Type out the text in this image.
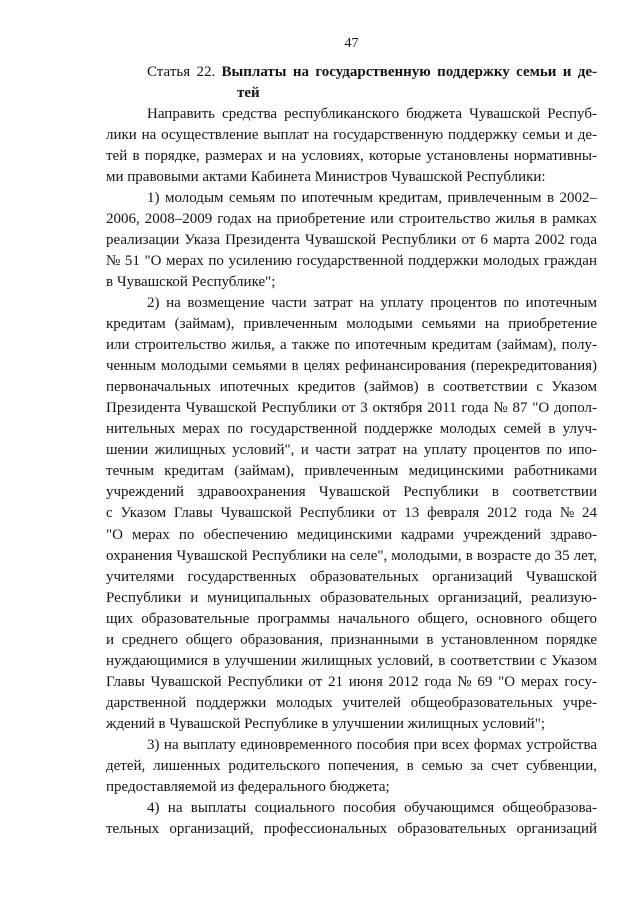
47
Статья 22. Выплаты на государственную поддержку семьи и де-
тей
Направить средства республиканского бюджета Чувашской Респуб-
лики на осуществление выплат на государственную поддержку семьи и де-
тей в порядке, размерах и на условиях, которые установлены нормативны-
ми правовыми актами Кабинета Министров Чувашской Республики:
1) молодым семьям по ипотечным кредитам, привлеченным в 2002–
2006, 2008–2009 годах на приобретение или строительство жилья в рамках
реализации Указа Президента Чувашской Республики от 6 марта 2002 года
№ 51 "О мерах по усилению государственной поддержки молодых граждан
в Чувашской Республике";
2) на возмещение части затрат на уплату процентов по ипотечным
кредитам (займам), привлеченным молодыми семьями на приобретение
или строительство жилья, а также по ипотечным кредитам (займам), полу-
ченным молодыми семьями в целях рефинансирования (перекредитования)
первоначальных ипотечных кредитов (займов) в соответствии с Указом
Президента Чувашской Республики от 3 октября 2011 года № 87 "О допол-
нительных мерах по государственной поддержке молодых семей в улуч-
шении жилищных условий", и части затрат на уплату процентов по ипо-
течным кредитам (займам), привлеченным медицинскими работниками
учреждений здравоохранения Чувашской Республики в соответствии
с Указом Главы Чувашской Республики от 13 февраля 2012 года № 24
"О мерах по обеспечению медицинскими кадрами учреждений здраво-
охранения Чувашской Республики на селе", молодыми, в возрасте до 35 лет,
учителями государственных образовательных организаций Чувашской
Республики и муниципальных образовательных организаций, реализую-
щих образовательные программы начального общего, основного общего
и среднего общего образования, признанными в установленном порядке
нуждающимися в улучшении жилищных условий, в соответствии с Указом
Главы Чувашской Республики от 21 июня 2012 года № 69 "О мерах госу-
дарственной поддержки молодых учителей общеобразовательных учре-
ждений в Чувашской Республике в улучшении жилищных условий";
3) на выплату единовременного пособия при всех формах устройства
детей, лишенных родительского попечения, в семью за счет субвенции,
предоставляемой из федерального бюджета;
4) на выплаты социального пособия обучающимся общеобразова-
тельных организаций, профессиональных образовательных организаций
